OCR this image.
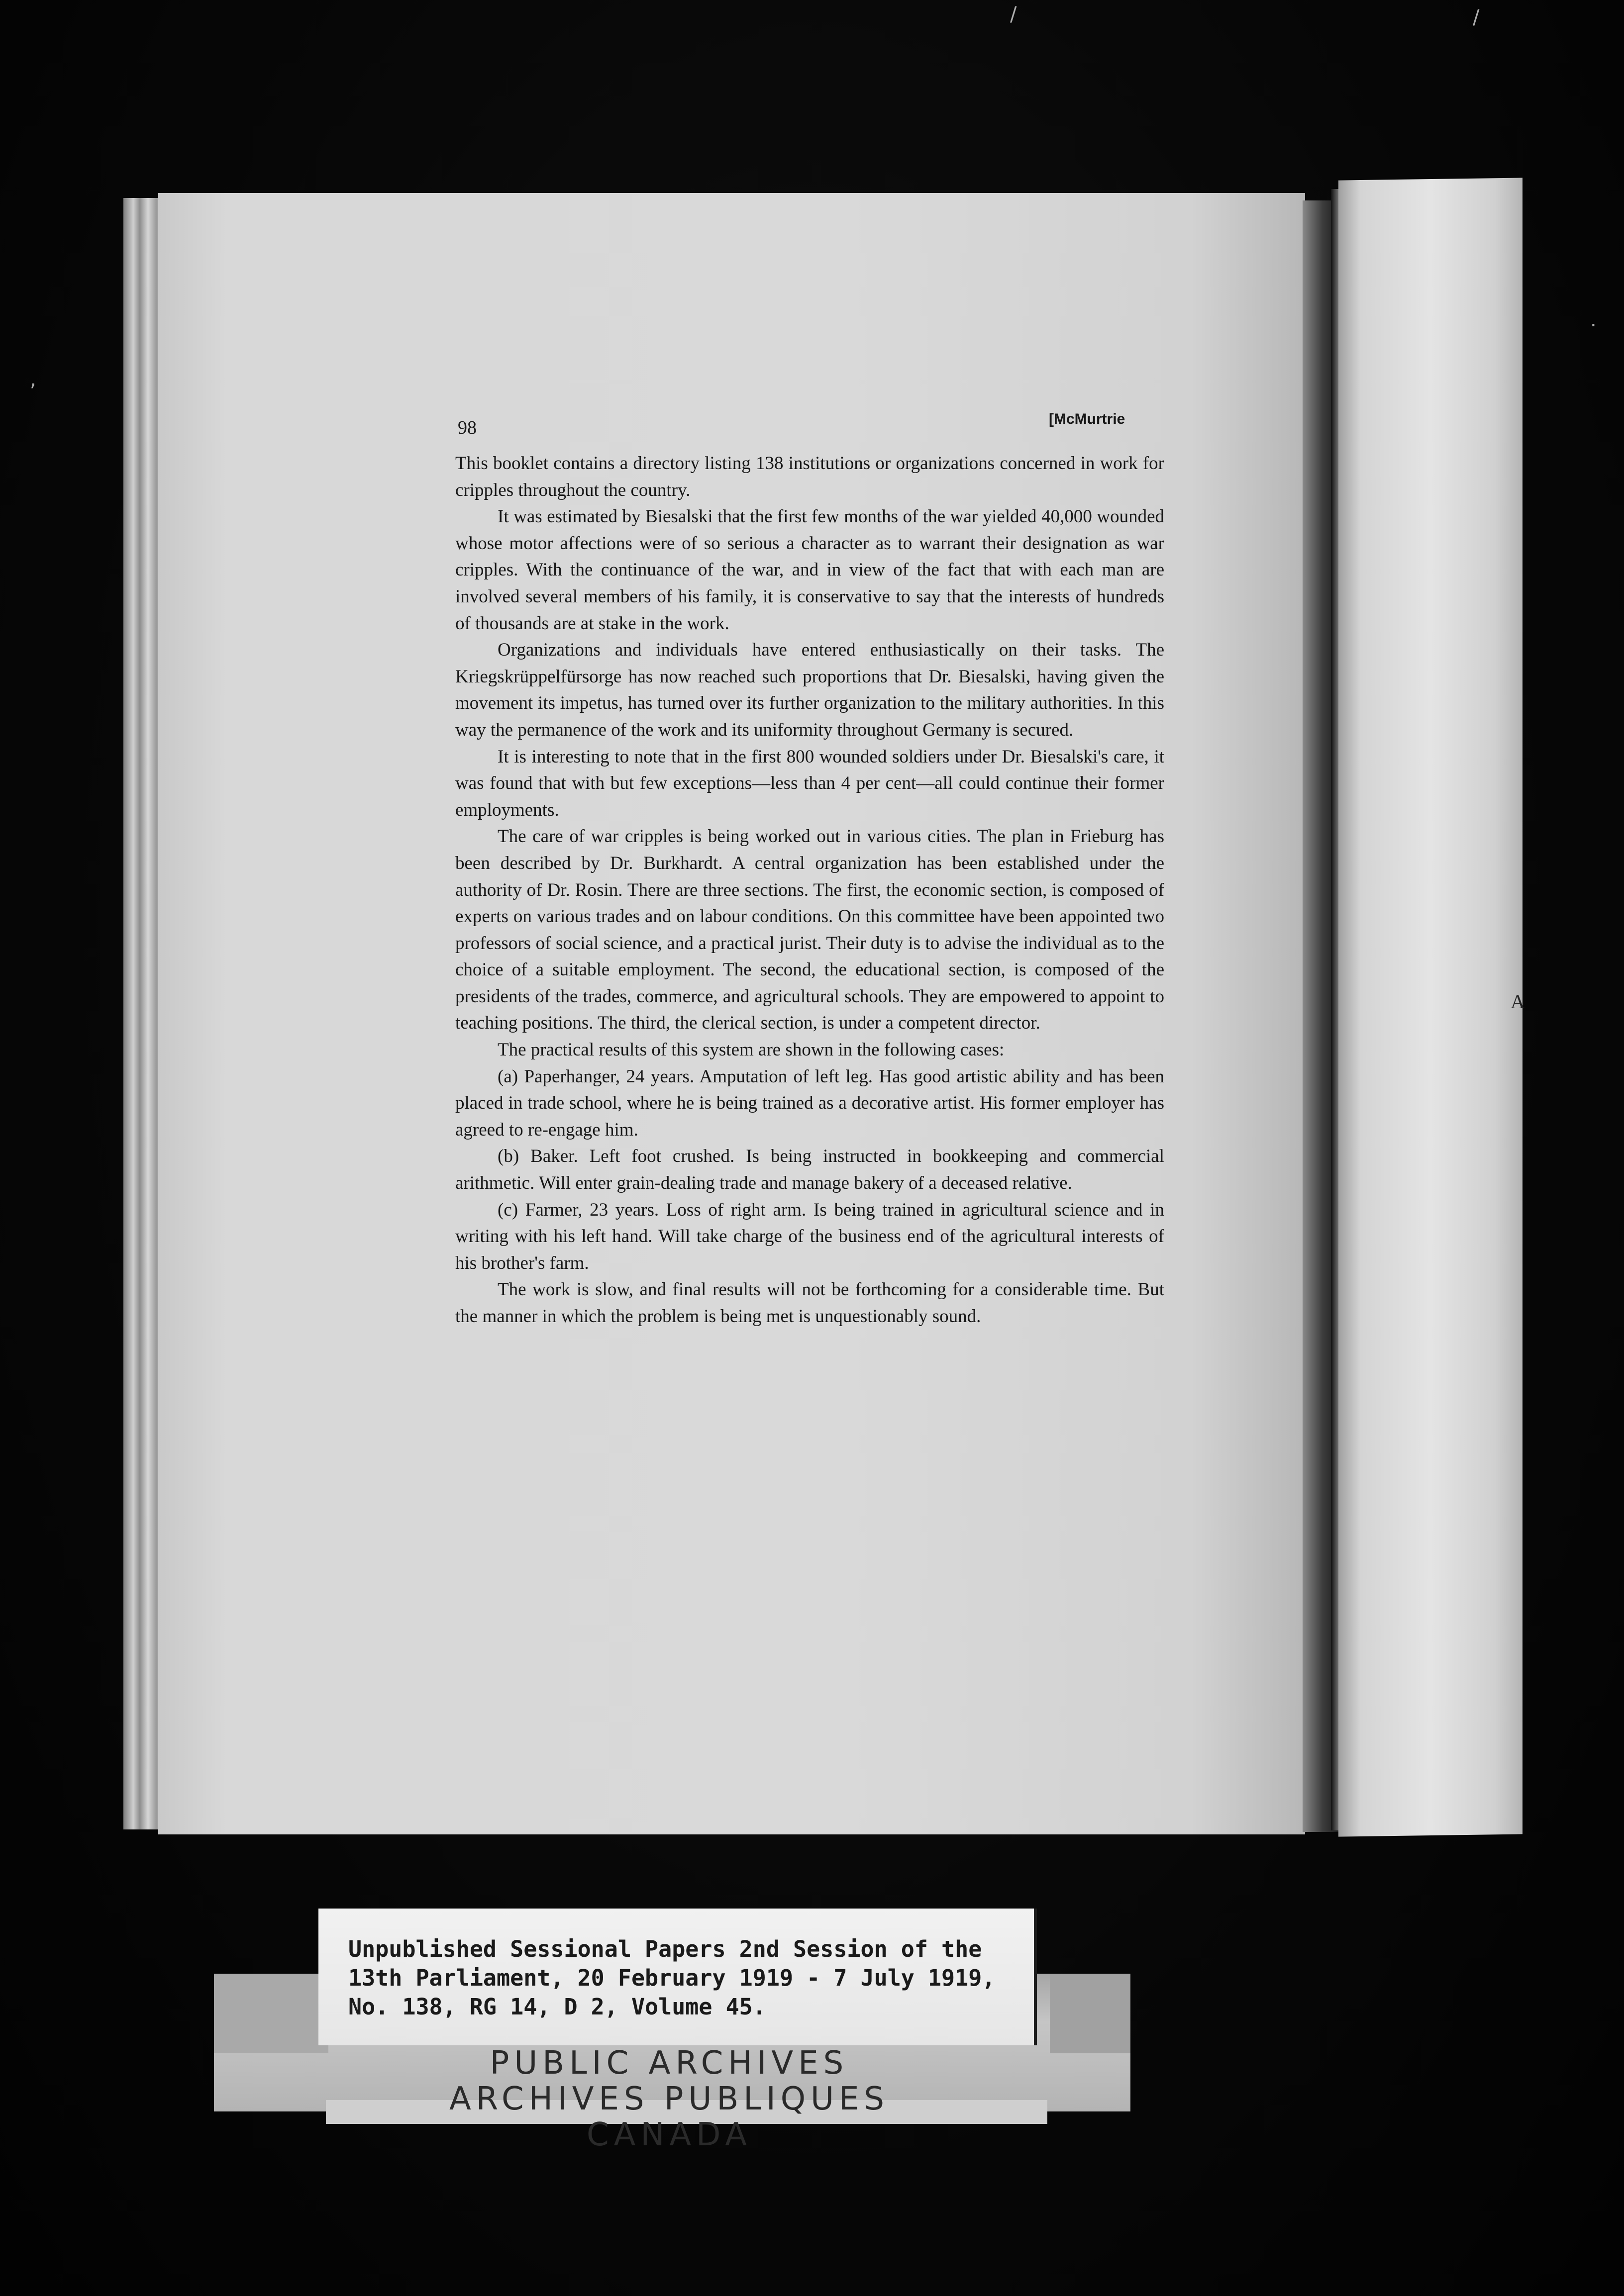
/	/
,
.
98	[McMurtrie

This booklet contains a directory listing 138 institutions or organizations concerned in work for cripples throughout the country.

It was estimated by Biesalski that the first few months of the war yielded 40,000 wounded whose motor affections were of so serious a character as to warrant their designation as war cripples. With the continuance of the war, and in view of the fact that with each man are involved several members of his family, it is conservative to say that the interests of hundreds of thousands are at stake in the work.

Organizations and individuals have entered enthusiastically on their tasks. The Kriegskrüppelfürsorge has now reached such proportions that Dr. Biesalski, having given the movement its impetus, has turned over its further organization to the military authorities. In this way the permanence of the work and its uniformity throughout Germany is secured.

It is interesting to note that in the first 800 wounded soldiers under Dr. Biesalski's care, it was found that with but few exceptions—less than 4 per cent—all could continue their former employments.

The care of war cripples is being worked out in various cities. The plan in Frieburg has been described by Dr. Burkhardt. A central organization has been established under the authority of Dr. Rosin. There are three sections. The first, the economic section, is composed of experts on various trades and on labour conditions. On this committee have been appointed two professors of social science, and a practical jurist. Their duty is to advise the individual as to the choice of a suitable employment. The second, the educational section, is composed of the presidents of the trades, commerce, and agricultural schools. They are empowered to appoint to teaching positions. The third, the clerical section, is under a competent director.

The practical results of this system are shown in the following cases:

(a) Paperhanger, 24 years. Amputation of left leg. Has good artistic ability and has been placed in trade school, where he is being trained as a decorative artist. His former employer has agreed to re-engage him.

(b) Baker. Left foot crushed. Is being instructed in bookkeeping and commercial arithmetic. Will enter grain-dealing trade and manage bakery of a deceased relative.

(c) Farmer, 23 years. Loss of right arm. Is being trained in agricultural science and in writing with his left hand. Will take charge of the business end of the agricultural interests of his brother's farm.

The work is slow, and final results will not be forthcoming for a considerable time. But the manner in which the problem is being met is unquestionably sound.

A
Unpublished Sessional Papers 2nd Session of the
13th Parliament, 20 February 1919 - 7 July 1919,
No. 138, RG 14, D 2, Volume 45.
PUBLIC ARCHIVES
ARCHIVES PUBLIQUES
CANADA
